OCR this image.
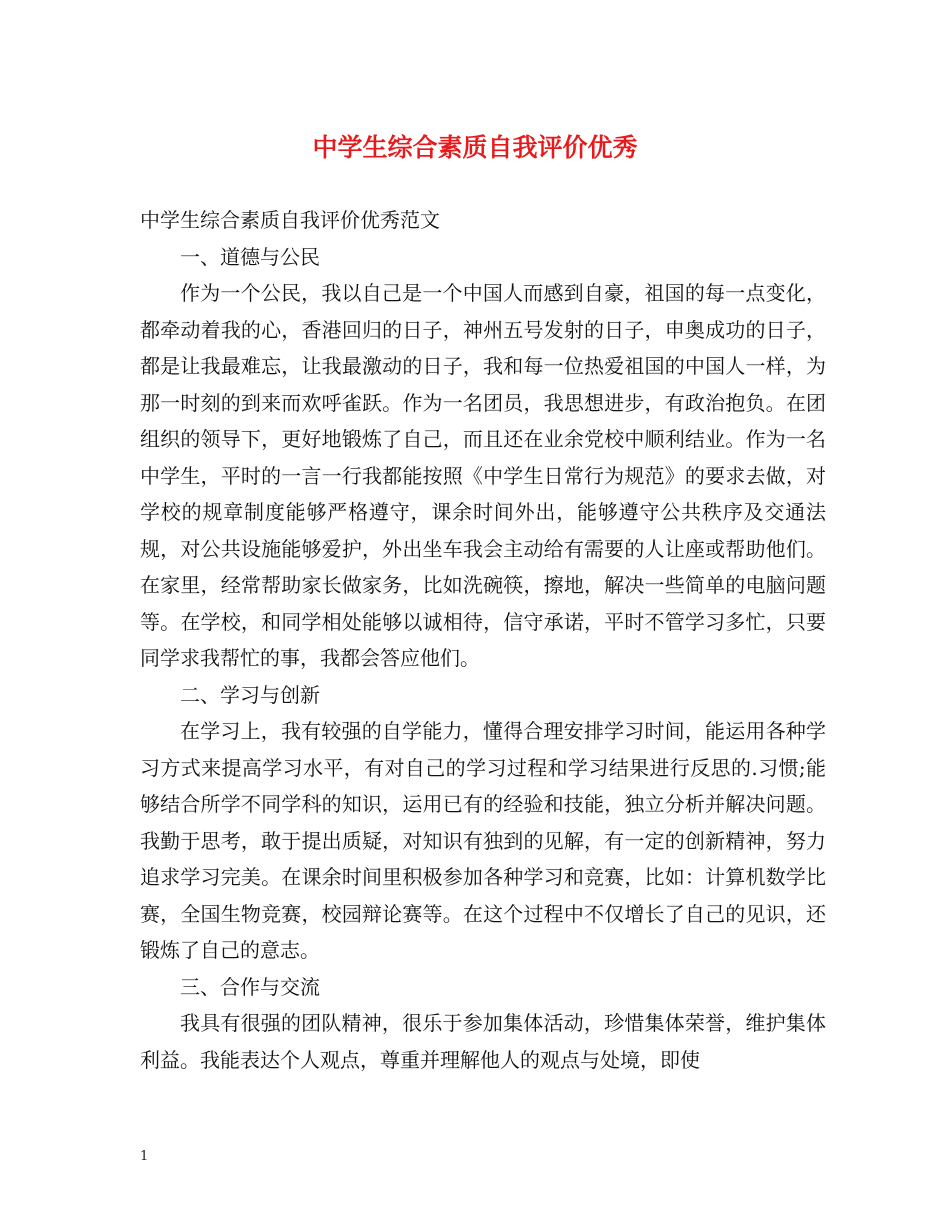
中学生综合素质自我评价优秀

中学生综合素质自我评价优秀范文

一、道德与公民

作为一个公民，我以自己是一个中国人而感到自豪，祖国的每一点变化，都牵动着我的心，香港回归的日子，神州五号发射的日子，申奥成功的日子，都是让我最难忘，让我最激动的日子，我和每一位热爱祖国的中国人一样，为那一时刻的到来而欢呼雀跃。作为一名团员，我思想进步，有政治抱负。在团组织的领导下，更好地锻炼了自己，而且还在业余党校中顺利结业。作为一名中学生，平时的一言一行我都能按照《中学生日常行为规范》的要求去做，对学校的规章制度能够严格遵守，课余时间外出，能够遵守公共秩序及交通法规，对公共设施能够爱护，外出坐车我会主动给有需要的人让座或帮助他们。在家里，经常帮助家长做家务，比如洗碗筷，擦地，解决一些简单的电脑问题等。在学校，和同学相处能够以诚相待，信守承诺，平时不管学习多忙，只要同学求我帮忙的事，我都会答应他们。

二、学习与创新

在学习上，我有较强的自学能力，懂得合理安排学习时间，能运用各种学习方式来提高学习水平，有对自己的学习过程和学习结果进行反思的.习惯;能够结合所学不同学科的知识，运用已有的经验和技能，独立分析并解决问题。我勤于思考，敢于提出质疑，对知识有独到的见解，有一定的创新精神，努力追求学习完美。在课余时间里积极参加各种学习和竞赛，比如：计算机数学比赛，全国生物竞赛，校园辩论赛等。在这个过程中不仅增长了自己的见识，还锻炼了自己的意志。

三、合作与交流

我具有很强的团队精神，很乐于参加集体活动，珍惜集体荣誉，维护集体利益。我能表达个人观点，尊重并理解他人的观点与处境，即使

1
